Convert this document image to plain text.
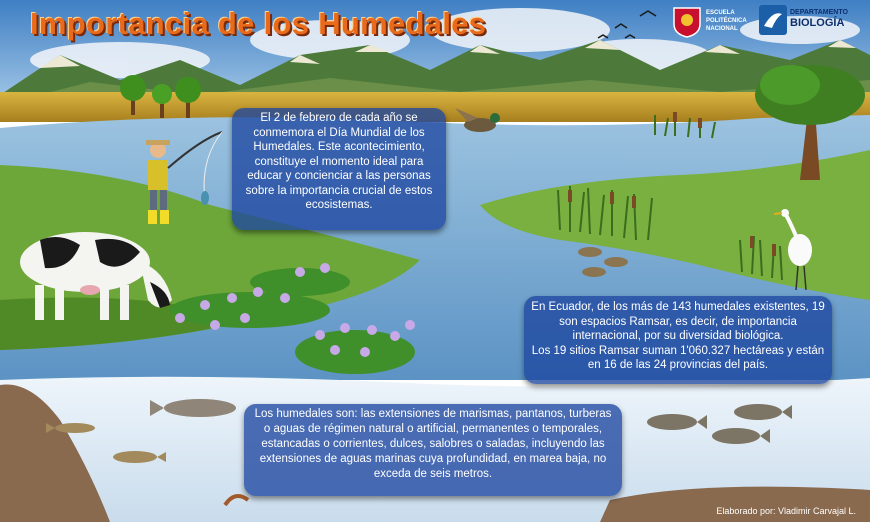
Importancia de los Humedales	ESCUELA
POLITÉCNICA
NACIONAL
DEPARTAMENTO
BIOLOGÍA

El 2 de febrero de cada año se conmemora el Día Mundial de los Humedales. Este acontecimiento, constituye el momento ideal para educar y concienciar a las personas sobre la importancia crucial de estos ecosistemas.

En Ecuador, de los más de 143 humedales existentes, 19 son espacios Ramsar, es decir, de importancia internacional, por su diversidad biológica.

Los 19 sitios Ramsar suman 1'060.327 hectáreas y están en 16 de las 24 provincias del país.

Los humedales son: las extensiones de marismas, pantanos, turberas o aguas de régimen natural o artificial, permanentes o temporales, estancadas o corrientes, dulces, salobres o saladas, incluyendo las extensiones de aguas marinas cuya profundidad, en marea baja, no exceda de seis metros.

Elaborado por: Vladimir Carvajal L.
